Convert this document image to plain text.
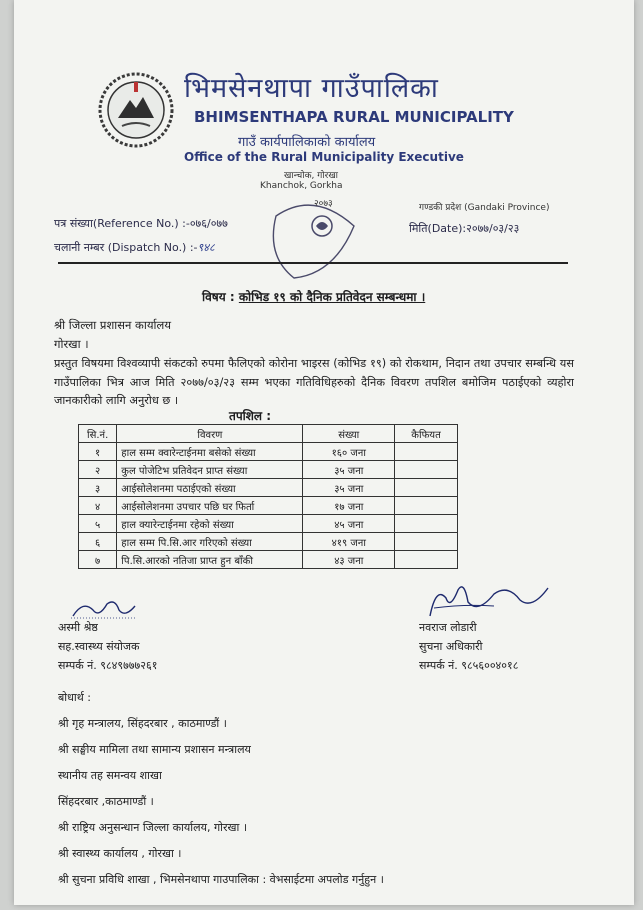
भिमसेनथापा गाउँपालिका
BHIMSENTHAPA RURAL MUNICIPALITY
गाउँ कार्यपालिकाको कार्यालय
Office of the Rural Municipality Executive
खान्चोक, गोरखा
Khanchok, Gorkha
गण्डकी प्रदेश (Gandaki Province)
पत्र संख्या(Reference No.) :-०७६/०७७	मिति(Date):२०७७/०३/२३
चलानी नम्बर (Dispatch No.) :-९४८
२०७३
विषय : कोभिड १९ को दैनिक प्रतिवेदन सम्बन्धमा ।
श्री जिल्ला प्रशासन कार्यालय
गोरखा ।
प्रस्तुत विषयमा विश्वव्यापी संकटको रुपमा फैलिएको कोरोना भाइरस (कोभिड १९) को रोकथाम, निदान तथा उपचार सम्बन्धि यस गाउँपालिका भित्र आज मिति २०७७/०३/२३ सम्म भएका गतिविधिहरुको दैनिक विवरण तपशिल बमोजिम पठाईएको व्यहोरा जानकारीको लागि अनुरोध छ ।
तपशिल :
सि.नं.	विवरण	संख्या	कैफियत
१	हाल सम्म क्वारेन्टाईनमा बसेको संख्या	१६० जना	
२	कुल पोजेटिभ प्रतिवेदन प्राप्त संख्या	३५ जना	
३	आईसोलेशनमा पठाईएको संख्या	३५ जना	
४	आईसोलेशनमा उपचार पछि घर फिर्ता	१७ जना	
५	हाल क्यारेन्टाईनमा रहेको संख्या	४५ जना	
६	हाल सम्म पि.सि.आर गरिएको संख्या	४१९ जना	
७	पि.सि.आरको नतिजा प्राप्त हुन बाँकी	४३ जना	
अस्मी श्रेष्ठ
सह.स्वास्थ्य संयोजक
सम्पर्क नं. ९८४९७७७२६१
नवराज लोडारी
सुचना अधिकारी
सम्पर्क नं. ९८५६००४०१८
बोधार्थ :
श्री गृह मन्त्रालय, सिंहदरबार , काठमाण्डौं ।
श्री सङ्घीय मामिला तथा सामान्य प्रशासन मन्त्रालय
स्थानीय तह समन्वय शाखा
सिंहदरबार ,काठमाण्डौं ।
श्री राष्ट्रिय अनुसन्धान जिल्ला कार्यालय, गोरखा ।
श्री स्वास्थ्य कार्यालय , गोरखा ।
श्री सुचना प्रविधि शाखा , भिमसेनथापा गाउपालिका : वेभसाईटमा अपलोड गर्नुहुन ।
